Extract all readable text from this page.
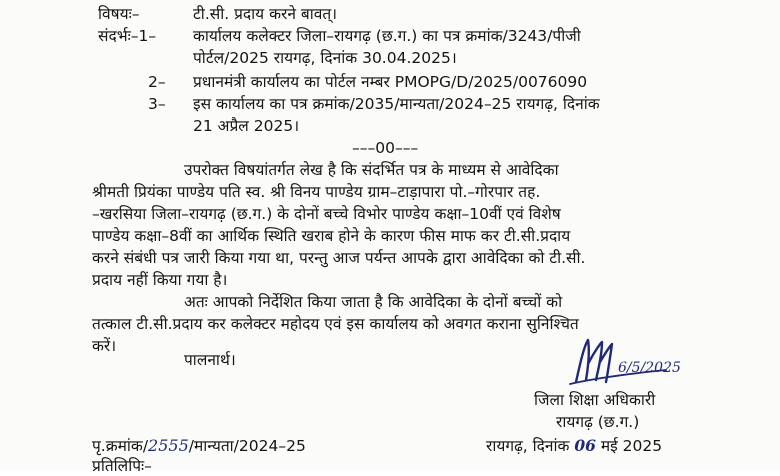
विषयः–	टी.सी. प्रदाय करने बावत्।
संदर्भः–1– कार्यालय कलेक्टर जिला–रायगढ़ (छ.ग.) का पत्र क्रमांक/3243/पीजी
पोर्टल/2025 रायगढ़, दिनांक 30.04.2025।
2– प्रधानमंत्री कार्यालय का पोर्टल नम्बर PMOPG/D/2025/0076090
3– इस कार्यालय का पत्र क्रमांक/2035/मान्यता/2024–25 रायगढ़, दिनांक
21 अप्रैल 2025।
–––00–––
उपरोक्त विषयांतर्गत लेख है कि संदर्भित पत्र के माध्यम से आवेदिका
श्रीमती प्रियंका पाण्डेय पति स्व. श्री विनय पाण्डेय ग्राम–टाड़ापारा पो.–गोरपार तह.
–खरसिया जिला–रायगढ़ (छ.ग.) के दोनों बच्चे विभोर पाण्डेय कक्षा–10वीं एवं विशेष
पाण्डेय कक्षा–8वीं का आर्थिक स्थिति खराब होने के कारण फीस माफ कर टी.सी.प्रदाय
करने संबंधी पत्र जारी किया गया था, परन्तु आज पर्यन्त आपके द्वारा आवेदिका को टी.सी.
प्रदाय नहीं किया गया है।
अतः आपको निर्देशित किया जाता है कि आवेदिका के दोनों बच्चों को
तत्काल टी.सी.प्रदाय कर कलेक्टर महोदय एवं इस कार्यालय को अवगत कराना सुनिश्चित
करें।
पालनार्थ।	6/5/2025
जिला शिक्षा अधिकारी
रायगढ़ (छ.ग.)
पृ.क्रमांक/2555/मान्यता/2024–25	रायगढ़, दिनांक 06 मई 2025
प्रतिलिपिः–
